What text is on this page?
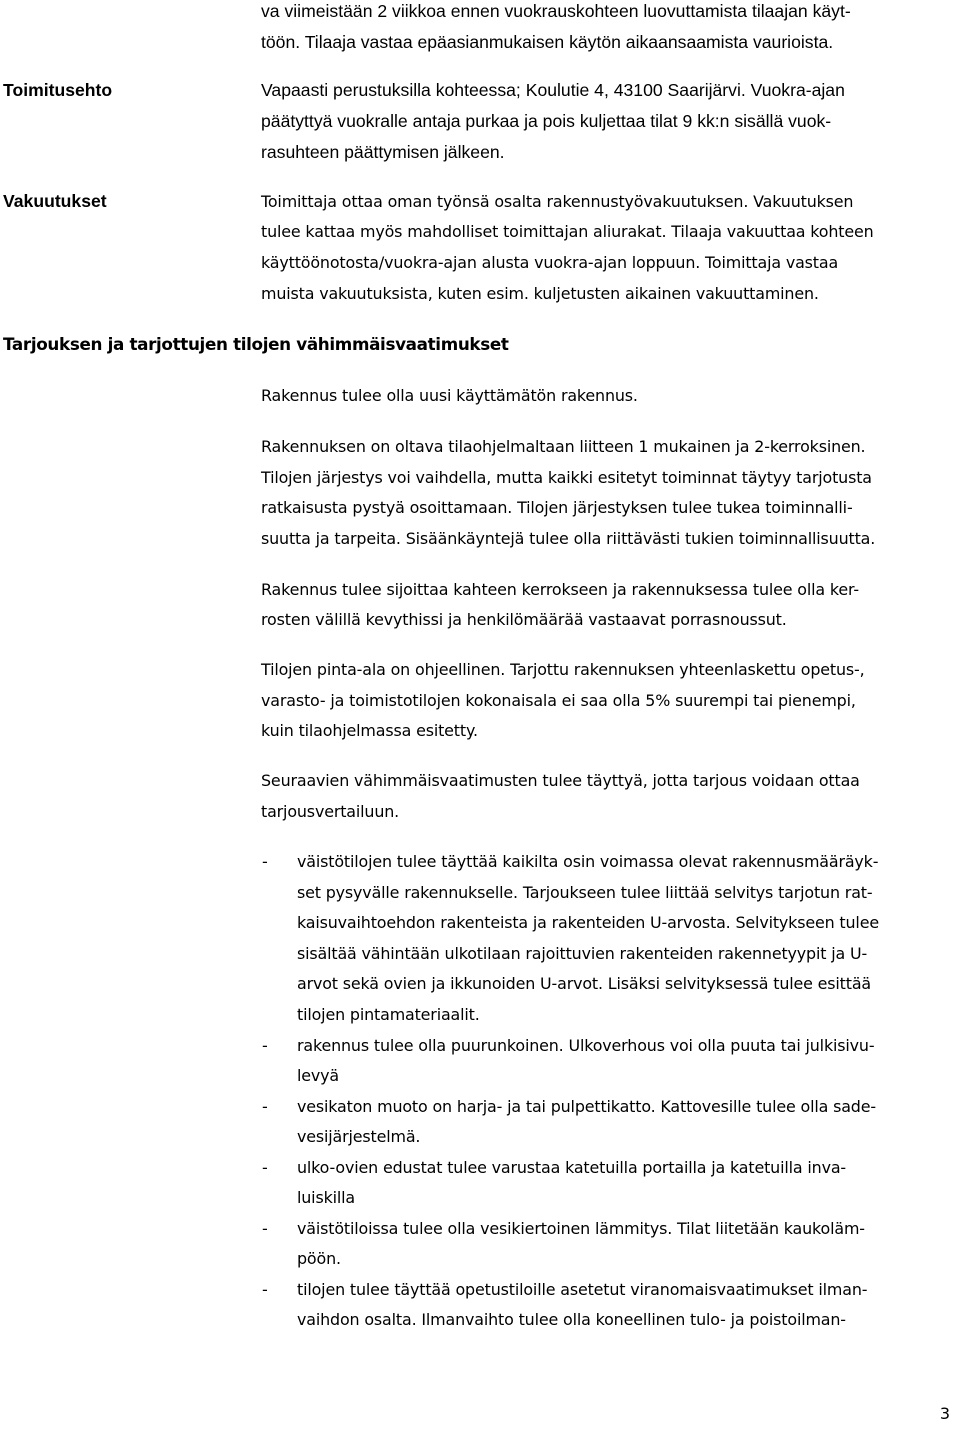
va viimeistään 2 viikkoa ennen vuokrauskohteen luovuttamista tilaajan käyt-
töön. Tilaaja vastaa epäasianmukaisen käytön aikaansaamista vaurioista.
Toimitusehto	Vapaasti perustuksilla kohteessa; Koulutie 4, 43100 Saarijärvi. Vuokra-ajan
päätyttyä vuokralle antaja purkaa ja pois kuljettaa tilat 9 kk:n sisällä vuok-
rasuhteen päättymisen jälkeen.
Vakuutukset	Toimittaja ottaa oman työnsä osalta rakennustyövakuutuksen. Vakuutuksen
tulee kattaa myös mahdolliset toimittajan aliurakat. Tilaaja vakuuttaa kohteen
käyttöönotosta/vuokra-ajan alusta vuokra-ajan loppuun. Toimittaja vastaa
muista vakuutuksista, kuten esim. kuljetusten aikainen vakuuttaminen.
Tarjouksen ja tarjottujen tilojen vähimmäisvaatimukset
Rakennus tulee olla uusi käyttämätön rakennus.
Rakennuksen on oltava tilaohjelmaltaan liitteen 1 mukainen ja 2-kerroksinen.
Tilojen järjestys voi vaihdella, mutta kaikki esitetyt toiminnat täytyy tarjotusta
ratkaisusta pystyä osoittamaan. Tilojen järjestyksen tulee tukea toiminnalli-
suutta ja tarpeita. Sisäänkäyntejä tulee olla riittävästi tukien toiminnallisuutta.
Rakennus tulee sijoittaa kahteen kerrokseen ja rakennuksessa tulee olla ker-
rosten välillä kevythissi ja henkilömäärää vastaavat porrasnoussut.
Tilojen pinta-ala on ohjeellinen. Tarjottu rakennuksen yhteenlaskettu opetus-,
varasto- ja toimistotilojen kokonaisala ei saa olla 5% suurempi tai pienempi,
kuin tilaohjelmassa esitetty.
Seuraavien vähimmäisvaatimusten tulee täyttyä, jotta tarjous voidaan ottaa
tarjousvertailuun.
- väistötilojen tulee täyttää kaikilta osin voimassa olevat rakennusmääräyk-
set pysyvälle rakennukselle. Tarjoukseen tulee liittää selvitys tarjotun rat-
kaisuvaihtoehdon rakenteista ja rakenteiden U-arvosta. Selvitykseen tulee
sisältää vähintään ulkotilaan rajoittuvien rakenteiden rakennetyypit ja U-
arvot sekä ovien ja ikkunoiden U-arvot. Lisäksi selvityksessä tulee esittää
tilojen pintamateriaalit.
- rakennus tulee olla puurunkoinen. Ulkoverhous voi olla puuta tai julkisivu-
levyä
- vesikaton muoto on harja- ja tai pulpettikatto. Kattovesille tulee olla sade-
vesijärjestelmä.
- ulko-ovien edustat tulee varustaa katetuilla portailla ja katetuilla inva-
luiskilla
- väistötiloissa tulee olla vesikiertoinen lämmitys. Tilat liitetään kaukoläm-
pöön.
- tilojen tulee täyttää opetustiloille asetetut viranomaisvaatimukset ilman-
vaihdon osalta. Ilmanvaihto tulee olla koneellinen tulo- ja poistoilman-
3
